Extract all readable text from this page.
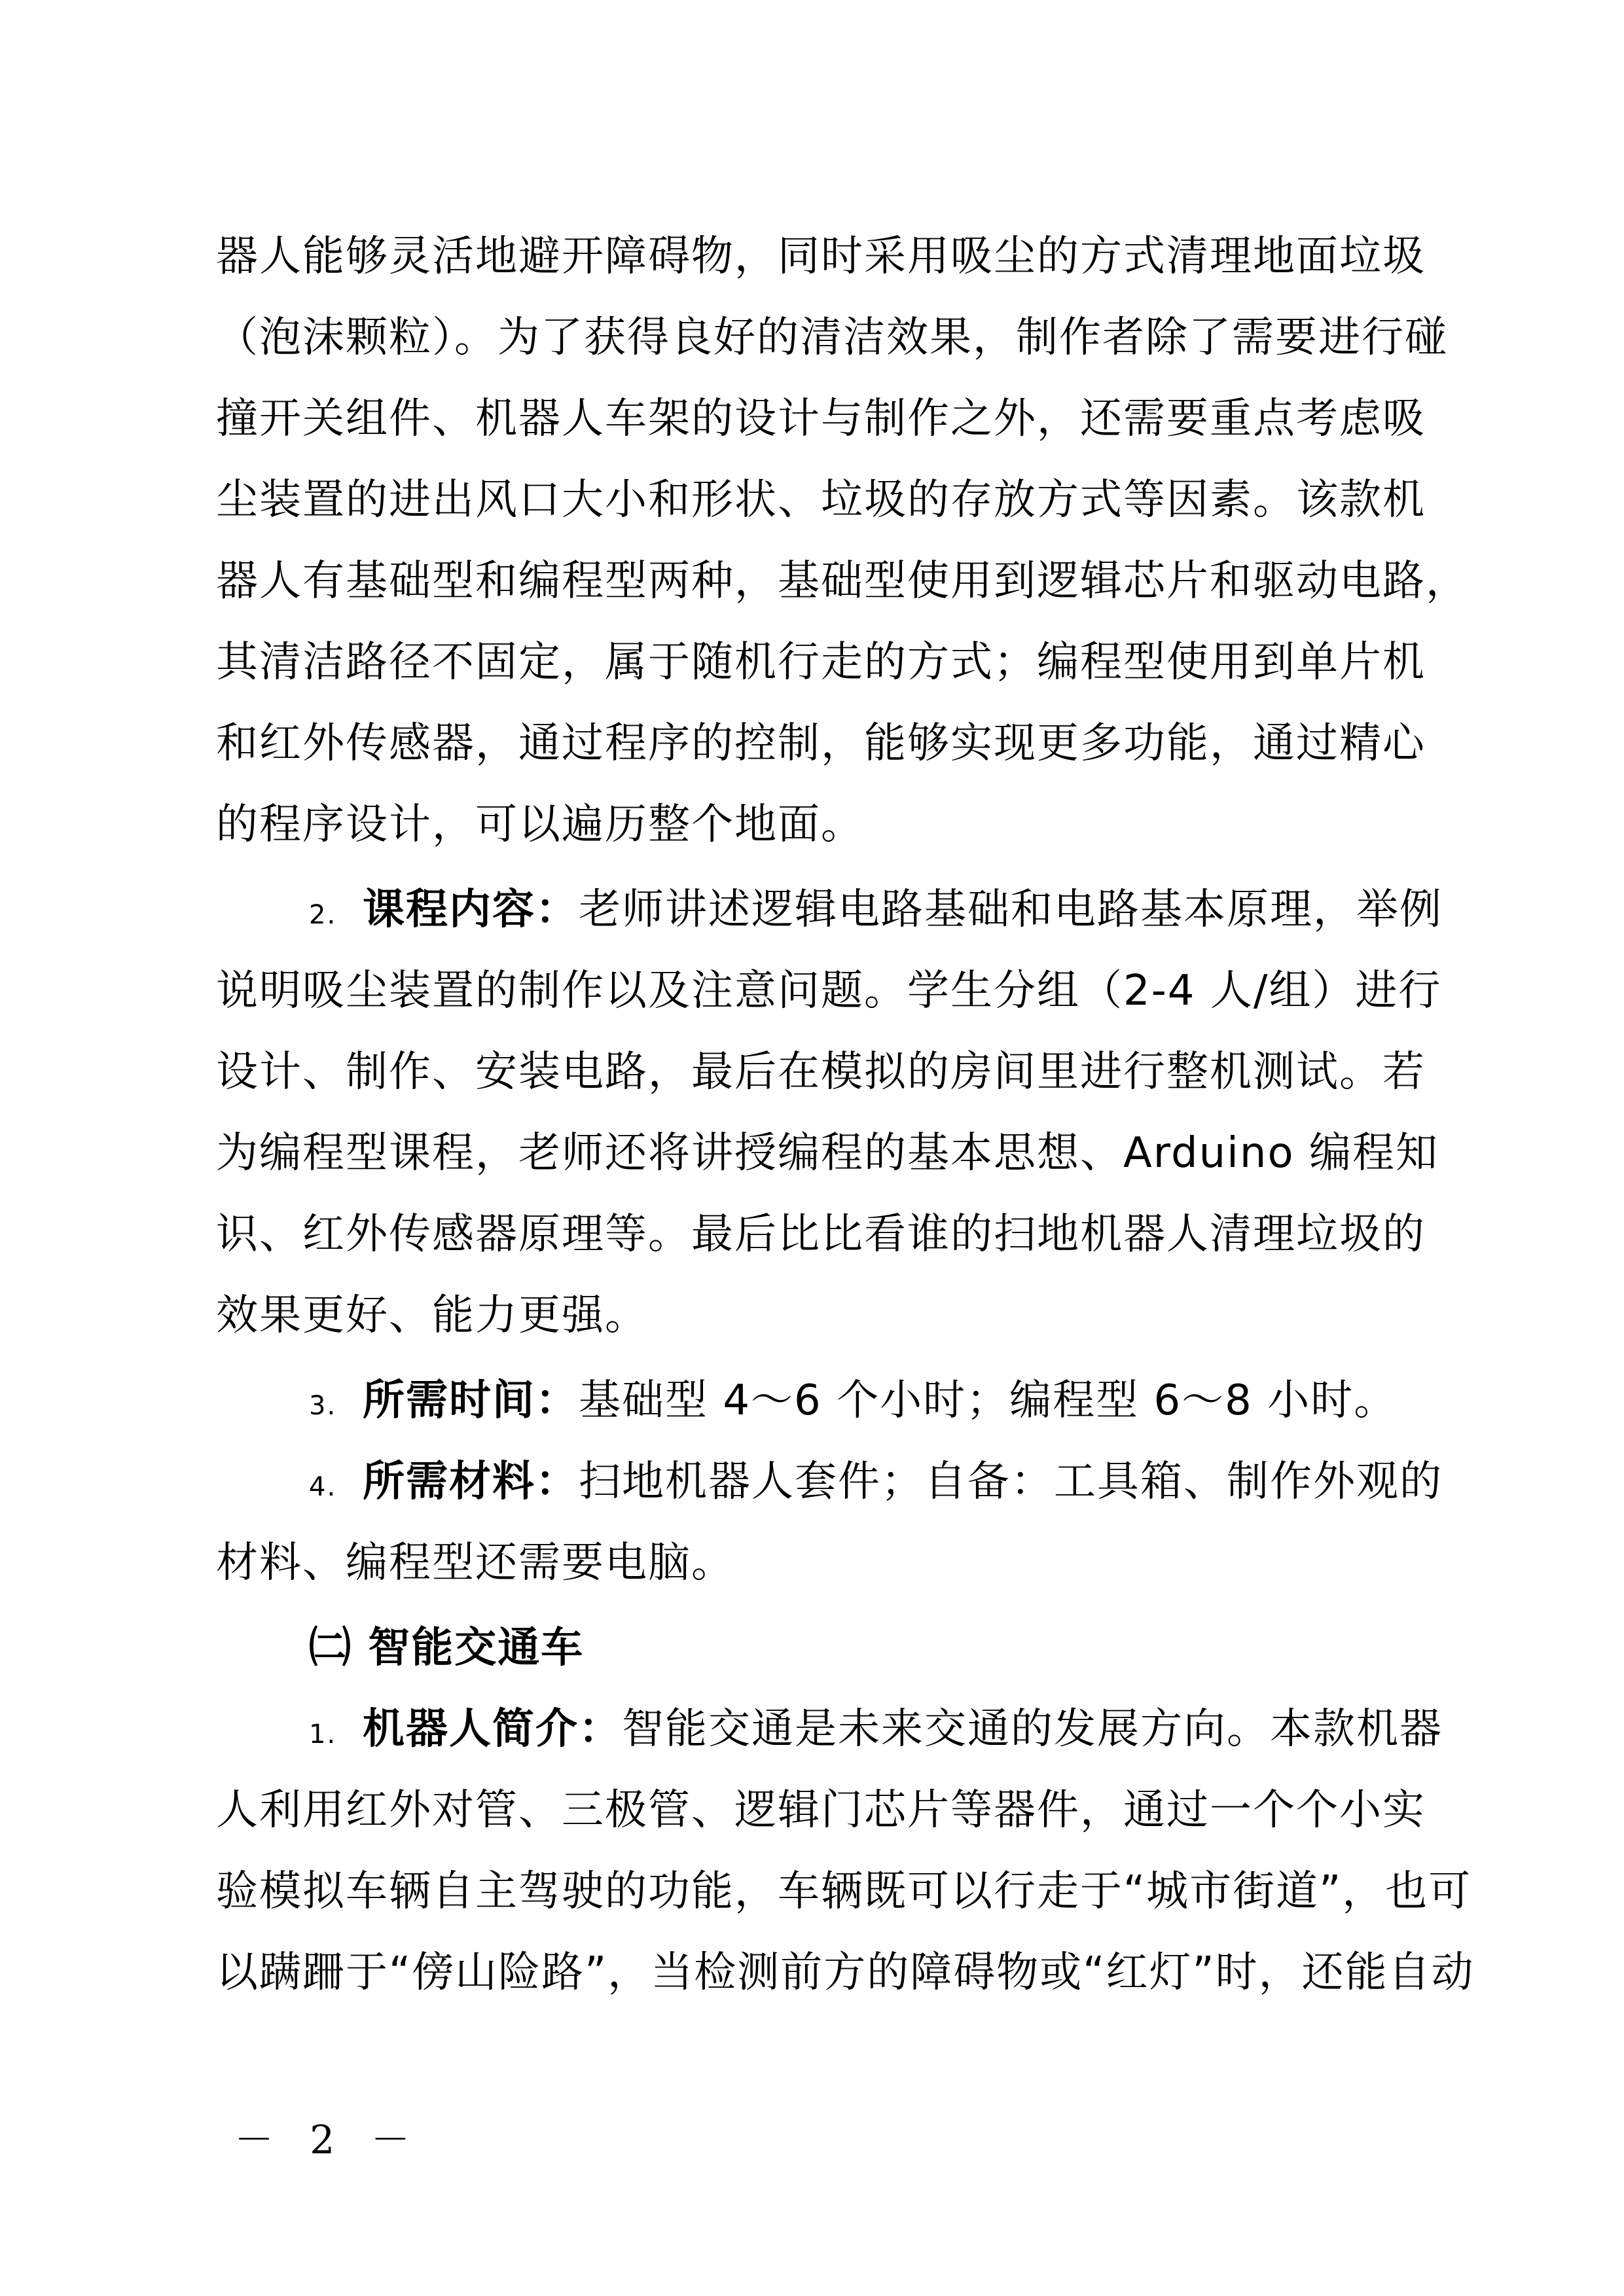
器人能够灵活地避开障碍物，同时采用吸尘的方式清理地面垃圾
（泡沫颗粒）。为了获得良好的清洁效果，制作者除了需要进行碰
撞开关组件、机器人车架的设计与制作之外，还需要重点考虑吸
尘装置的进出风口大小和形状、垃圾的存放方式等因素。该款机
器人有基础型和编程型两种，基础型使用到逻辑芯片和驱动电路，
其清洁路径不固定，属于随机行走的方式；编程型使用到单片机
和红外传感器，通过程序的控制，能够实现更多功能，通过精心
的程序设计，可以遍历整个地面。
2. 课程内容：老师讲述逻辑电路基础和电路基本原理，举例
说明吸尘装置的制作以及注意问题。学生分组（2-4 人/组）进行
设计、制作、安装电路，最后在模拟的房间里进行整机测试。若
为编程型课程，老师还将讲授编程的基本思想、Arduino 编程知
识、红外传感器原理等。最后比比看谁的扫地机器人清理垃圾的
效果更好、能力更强。
3. 所需时间：基础型 4～6 个小时；编程型 6～8 小时。
4. 所需材料：扫地机器人套件；自备：工具箱、制作外观的
材料、编程型还需要电脑。
㈡ 智能交通车
1. 机器人简介：智能交通是未来交通的发展方向。本款机器
人利用红外对管、三极管、逻辑门芯片等器件，通过一个个小实
验模拟车辆自主驾驶的功能，车辆既可以行走于“城市街道”，也可
以蹒跚于“傍山险路”，当检测前方的障碍物或“红灯”时，还能自动
－ 2 －
